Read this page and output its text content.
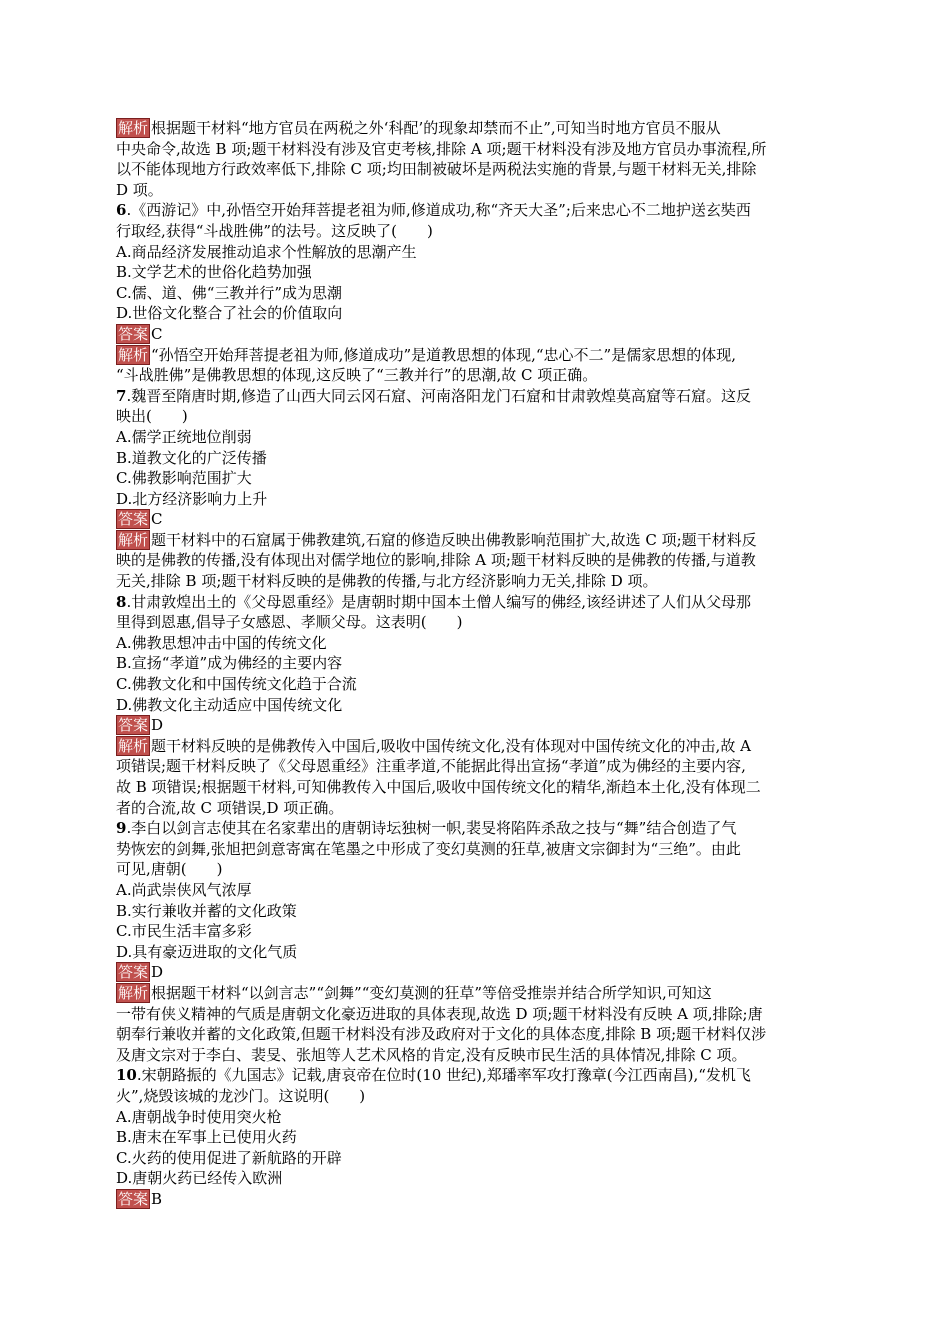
解析 根据题干材料“地方官员在两税之外‘科配’的现象却禁而不止”,可知当时地方官员不服从
中央命令,故选 B 项;题干材料没有涉及官吏考核,排除 A 项;题干材料没有涉及地方官员办事流程,所
以不能体现地方行政效率低下,排除 C 项;均田制被破坏是两税法实施的背景,与题干材料无关,排除
D 项。
6.《西游记》中,孙悟空开始拜菩提老祖为师,修道成功,称“齐天大圣”;后来忠心不二地护送玄奘西
行取经,获得“斗战胜佛”的法号。这反映了(　　)
A.商品经济发展推动追求个性解放的思潮产生
B.文学艺术的世俗化趋势加强
C.儒、道、佛“三教并行”成为思潮
D.世俗文化整合了社会的价值取向
答案 C
解析 “孙悟空开始拜菩提老祖为师,修道成功”是道教思想的体现,“忠心不二”是儒家思想的体现,
“斗战胜佛”是佛教思想的体现,这反映了“三教并行”的思潮,故 C 项正确。
7.魏晋至隋唐时期,修造了山西大同云冈石窟、河南洛阳龙门石窟和甘肃敦煌莫高窟等石窟。这反
映出(　　)
A.儒学正统地位削弱
B.道教文化的广泛传播
C.佛教影响范围扩大
D.北方经济影响力上升
答案 C
解析 题干材料中的石窟属于佛教建筑,石窟的修造反映出佛教影响范围扩大,故选 C 项;题干材料反
映的是佛教的传播,没有体现出对儒学地位的影响,排除 A 项;题干材料反映的是佛教的传播,与道教
无关,排除 B 项;题干材料反映的是佛教的传播,与北方经济影响力无关,排除 D 项。
8.甘肃敦煌出土的《父母恩重经》是唐朝时期中国本土僧人编写的佛经,该经讲述了人们从父母那
里得到恩惠,倡导子女感恩、孝顺父母。这表明(　　)
A.佛教思想冲击中国的传统文化
B.宣扬“孝道”成为佛经的主要内容
C.佛教文化和中国传统文化趋于合流
D.佛教文化主动适应中国传统文化
答案 D
解析 题干材料反映的是佛教传入中国后,吸收中国传统文化,没有体现对中国传统文化的冲击,故 A
项错误;题干材料反映了《父母恩重经》注重孝道,不能据此得出宣扬“孝道”成为佛经的主要内容,
故 B 项错误;根据题干材料,可知佛教传入中国后,吸收中国传统文化的精华,渐趋本土化,没有体现二
者的合流,故 C 项错误,D 项正确。
9.李白以剑言志使其在名家辈出的唐朝诗坛独树一帜,裴旻将陷阵杀敌之技与“舞”结合创造了气
势恢宏的剑舞,张旭把剑意寄寓在笔墨之中形成了变幻莫测的狂草,被唐文宗御封为“三绝”。由此
可见,唐朝(　　)
A.尚武崇侠风气浓厚
B.实行兼收并蓄的文化政策
C.市民生活丰富多彩
D.具有豪迈进取的文化气质
答案 D
解析 根据题干材料“以剑言志”“剑舞”“变幻莫测的狂草”等倍受推崇并结合所学知识,可知这
一带有侠义精神的气质是唐朝文化豪迈进取的具体表现,故选 D 项;题干材料没有反映 A 项,排除;唐
朝奉行兼收并蓄的文化政策,但题干材料没有涉及政府对于文化的具体态度,排除 B 项;题干材料仅涉
及唐文宗对于李白、裴旻、张旭等人艺术风格的肯定,没有反映市民生活的具体情况,排除 C 项。
10.宋朝路振的《九国志》记载,唐哀帝在位时(10 世纪),郑璠率军攻打豫章(今江西南昌),“发机飞
火”,烧毁该城的龙沙门。这说明(　　)
A.唐朝战争时使用突火枪
B.唐末在军事上已使用火药
C.火药的使用促进了新航路的开辟
D.唐朝火药已经传入欧洲
答案 B
